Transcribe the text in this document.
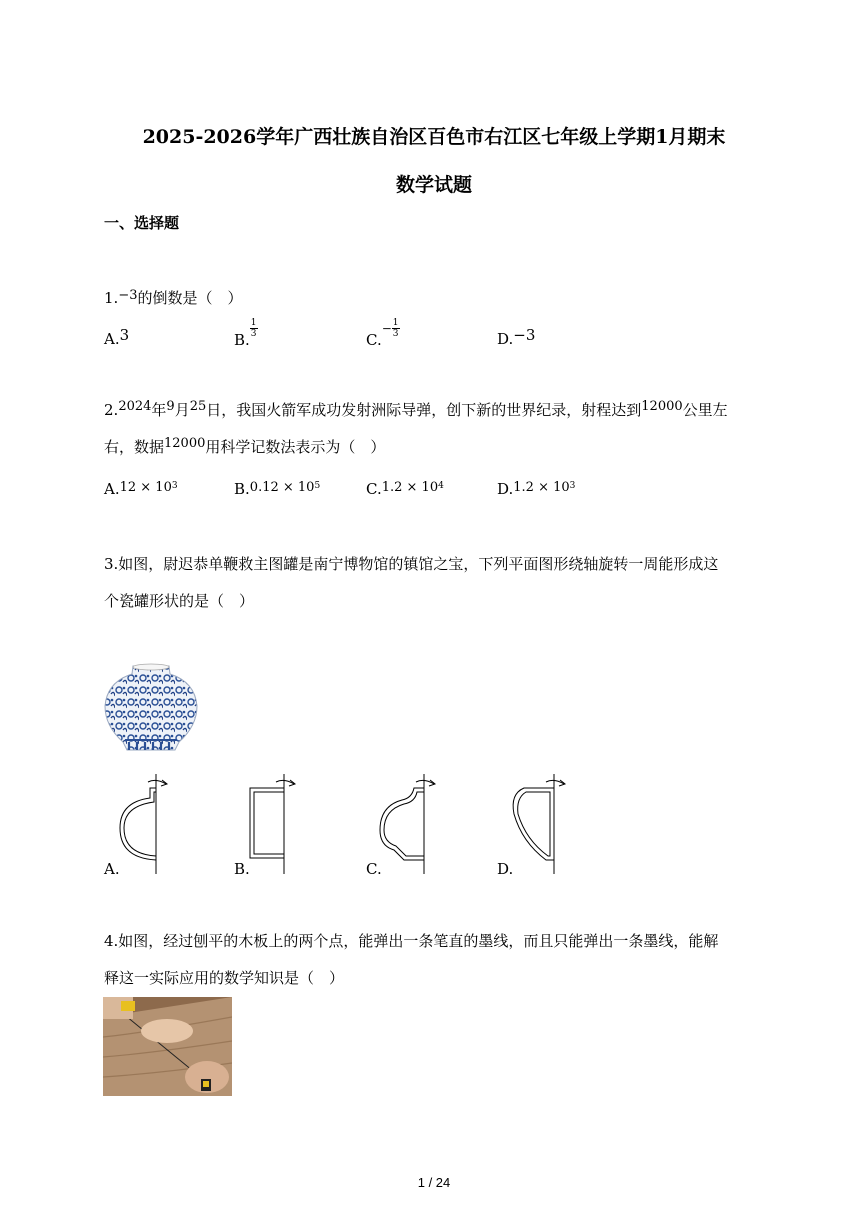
2025-2026学年广西壮族自治区百色市右江区七年级上学期1月期末
数学试题
一、选择题
1.$^{-3}$的倒数是（　）
A.3	B.
$\frac{1}{3}$
$C.- \frac{1}{3}$	D.−3
2.2024年9月25日，我国火箭军成功发射洲际导弹，创下新的世界纪录，射程达到12000公里左
右，数据12000用科学记数法表示为（　）
$A.12 \times 10^3$	$B.0.12 \times 10^5$	$C.1.2 \times 10^4$	$D.1.2 \times 10^3$
3.如图，尉迟恭单鞭救主图罐是南宁博物馆的镇馆之宝，下列平面图形绕轴旋转一周能形成这
个瓷罐形状的是（　）
A.	B.	C.	D.
4.如图，经过刨平的木板上的两个点，能弹出一条笔直的墨线，而且只能弹出一条墨线，能解
释这一实际应用的数学知识是（　）
1 / 24
